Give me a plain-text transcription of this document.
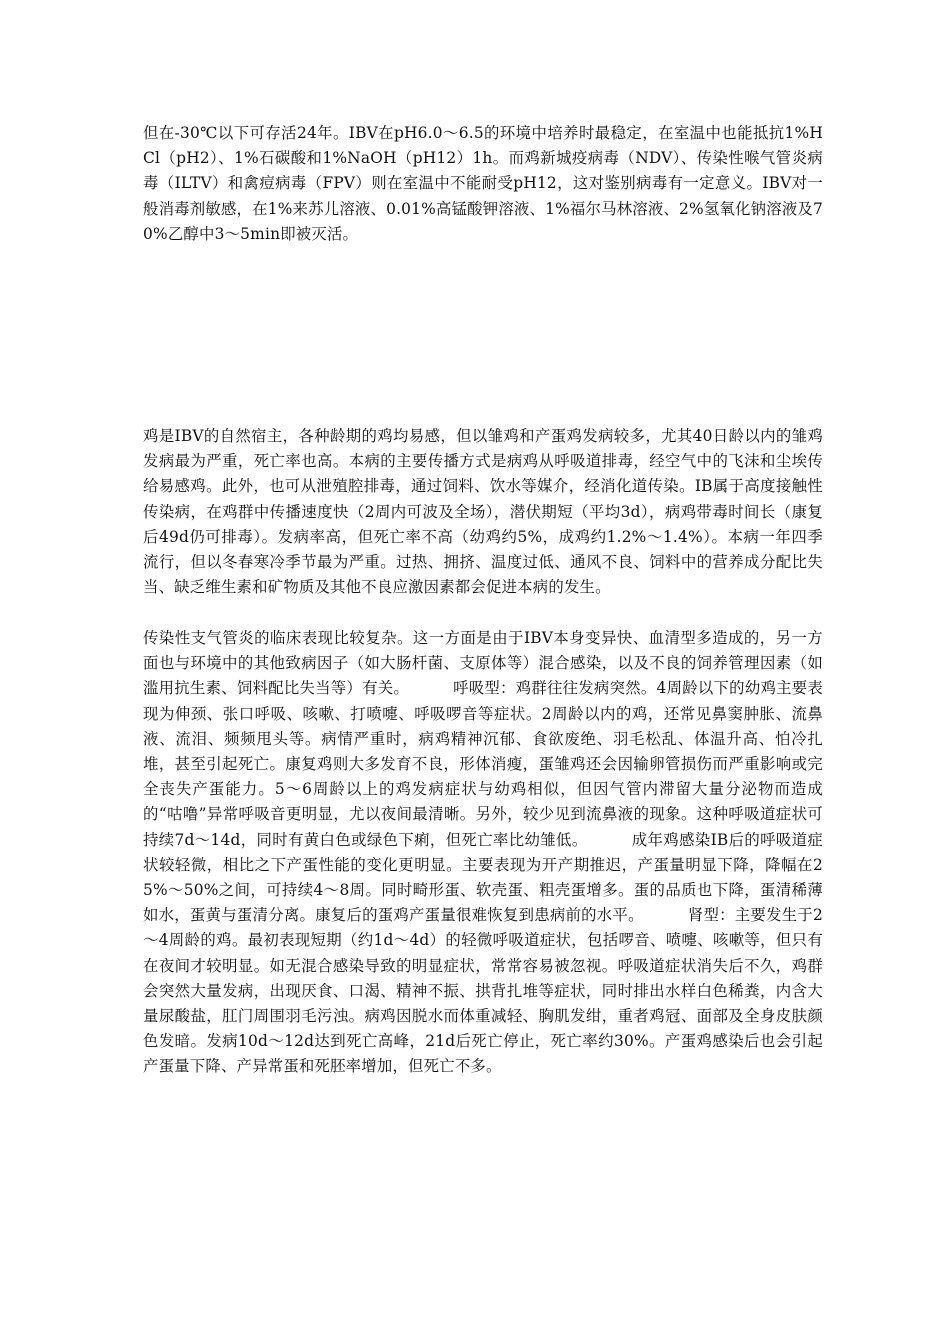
但在-30℃以下可存活24年。IBV在pH6.0～6.5的环境中培养时最稳定，在室温中也能抵抗1%HCl（pH2）、1%石碳酸和1%NaOH（pH12）1h。而鸡新城疫病毒（NDV）、传染性喉气管炎病毒（ILTV）和禽痘病毒（FPV）则在室温中不能耐受pH12，这对鉴别病毒有一定意义。IBV对一般消毒剂敏感，在1%来苏儿溶液、0.01%高锰酸钾溶液、1%福尔马林溶液、2%氢氧化钠溶液及70%乙醇中3～5min即被灭活。
鸡是IBV的自然宿主，各种龄期的鸡均易感，但以雏鸡和产蛋鸡发病较多，尤其40日龄以内的雏鸡发病最为严重，死亡率也高。本病的主要传播方式是病鸡从呼吸道排毒，经空气中的飞沫和尘埃传给易感鸡。此外，也可从泄殖腔排毒，通过饲料、饮水等媒介，经消化道传染。IB属于高度接触性传染病，在鸡群中传播速度快（2周内可波及全场），潜伏期短（平均3d），病鸡带毒时间长（康复后49d仍可排毒）。发病率高，但死亡率不高（幼鸡约5%，成鸡约1.2%～1.4%）。本病一年四季流行，但以冬春寒冷季节最为严重。过热、拥挤、温度过低、通风不良、饲料中的营养成分配比失当、缺乏维生素和矿物质及其他不良应激因素都会促进本病的发生。
传染性支气管炎的临床表现比较复杂。这一方面是由于IBV本身变异快、血清型多造成的，另一方面也与环境中的其他致病因子（如大肠杆菌、支原体等）混合感染，以及不良的饲养管理因素（如滥用抗生素、饲料配比失当等）有关。	呼吸型：鸡群往往发病突然。4周龄以下的幼鸡主要表现为伸颈、张口呼吸、咳嗽、打喷嚏、呼吸啰音等症状。2周龄以内的鸡，还常见鼻窦肿胀、流鼻液、流泪、频频甩头等。病情严重时，病鸡精神沉郁、食欲废绝、羽毛松乱、体温升高、怕冷扎堆，甚至引起死亡。康复鸡则大多发育不良，形体消瘦，蛋雏鸡还会因输卵管损伤而严重影响或完全丧失产蛋能力。5～6周龄以上的鸡发病症状与幼鸡相似，但因气管内滞留大量分泌物而造成的“咕噜”异常呼吸音更明显，尤以夜间最清晰。另外，较少见到流鼻液的现象。这种呼吸道症状可持续7d～14d，同时有黄白色或绿色下痢，但死亡率比幼雏低。	成年鸡感染IB后的呼吸道症状较轻微，相比之下产蛋性能的变化更明显。主要表现为开产期推迟，产蛋量明显下降，降幅在25%～50%之间，可持续4～8周。同时畸形蛋、软壳蛋、粗壳蛋增多。蛋的品质也下降，蛋清稀薄如水，蛋黄与蛋清分离。康复后的蛋鸡产蛋量很难恢复到患病前的水平。	肾型：主要发生于2～4周龄的鸡。最初表现短期（约1d～4d）的轻微呼吸道症状，包括啰音、喷嚏、咳嗽等，但只有在夜间才较明显。如无混合感染导致的明显症状，常常容易被忽视。呼吸道症状消失后不久，鸡群会突然大量发病，出现厌食、口渴、精神不振、拱背扎堆等症状，同时排出水样白色稀粪，内含大量尿酸盐，肛门周围羽毛污浊。病鸡因脱水而体重减轻、胸肌发绀，重者鸡冠、面部及全身皮肤颜色发暗。发病10d～12d达到死亡高峰，21d后死亡停止，死亡率约30%。产蛋鸡感染后也会引起产蛋量下降、产异常蛋和死胚率增加，但死亡不多。
